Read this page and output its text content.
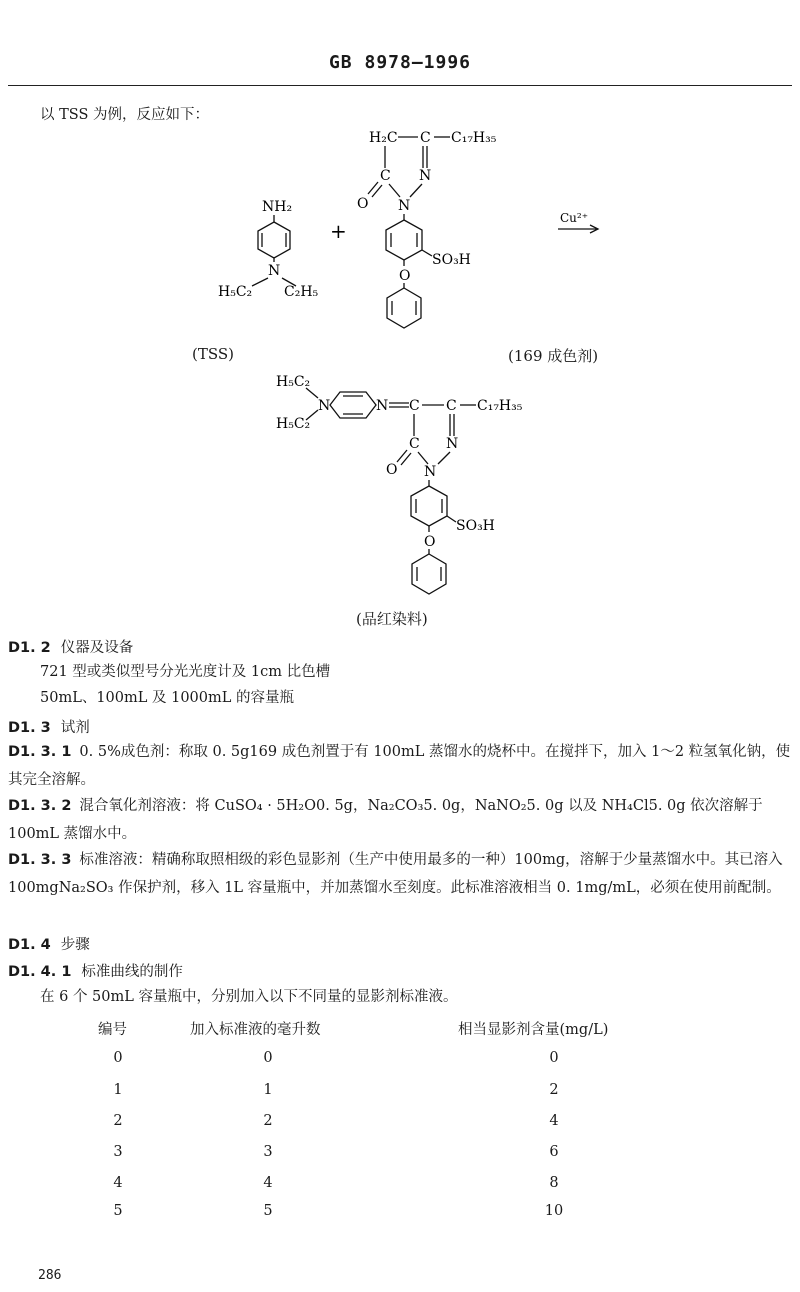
GB 8978—1996
以 TSS 为例，反应如下：
NH₂
N
H₅C₂ C₂H₅
+
H₂C C C₁₇H₃₅
C N
O N
SO₃H
O
Cu²⁺
H₅C₂
H₅C₂
N	N C C C₁₇H₃₅
C N
O N
SO₃H
O
(TSS)	(169 成色剂)
(品红染料)
D1. 2 仪器及设备
721 型或类似型号分光光度计及 1cm 比色槽
50mL、100mL 及 1000mL 的容量瓶
D1. 3 试剂
D1. 3. 1 0. 5%成色剂：称取 0. 5g169 成色剂置于有 100mL 蒸馏水的烧杯中。在搅拌下，加入 1～2 粒氢氧化钠，使其完全溶解。
D1. 3. 2 混合氧化剂溶液：将 CuSO₄ · 5H₂O0. 5g，Na₂CO₃5. 0g，NaNO₂5. 0g 以及 NH₄Cl5. 0g 依次溶解于 100mL 蒸馏水中。
D1. 3. 3 标准溶液：精确称取照相级的彩色显影剂（生产中使用最多的一种）100mg，溶解于少量蒸馏水中。其已溶入 100mgNa₂SO₃ 作保护剂，移入 1L 容量瓶中，并加蒸馏水至刻度。此标准溶液相当 0. 1mg/mL，必须在使用前配制。
D1. 4 步骤
D1. 4. 1 标准曲线的制作
在 6 个 50mL 容量瓶中，分别加入以下不同量的显影剂标准液。
编号	加入标准液的毫升数	相当显影剂含量(mg/L)
0	0	0
1	1	2
2	2	4
3	3	6
4	4	8
5	5	10
286
